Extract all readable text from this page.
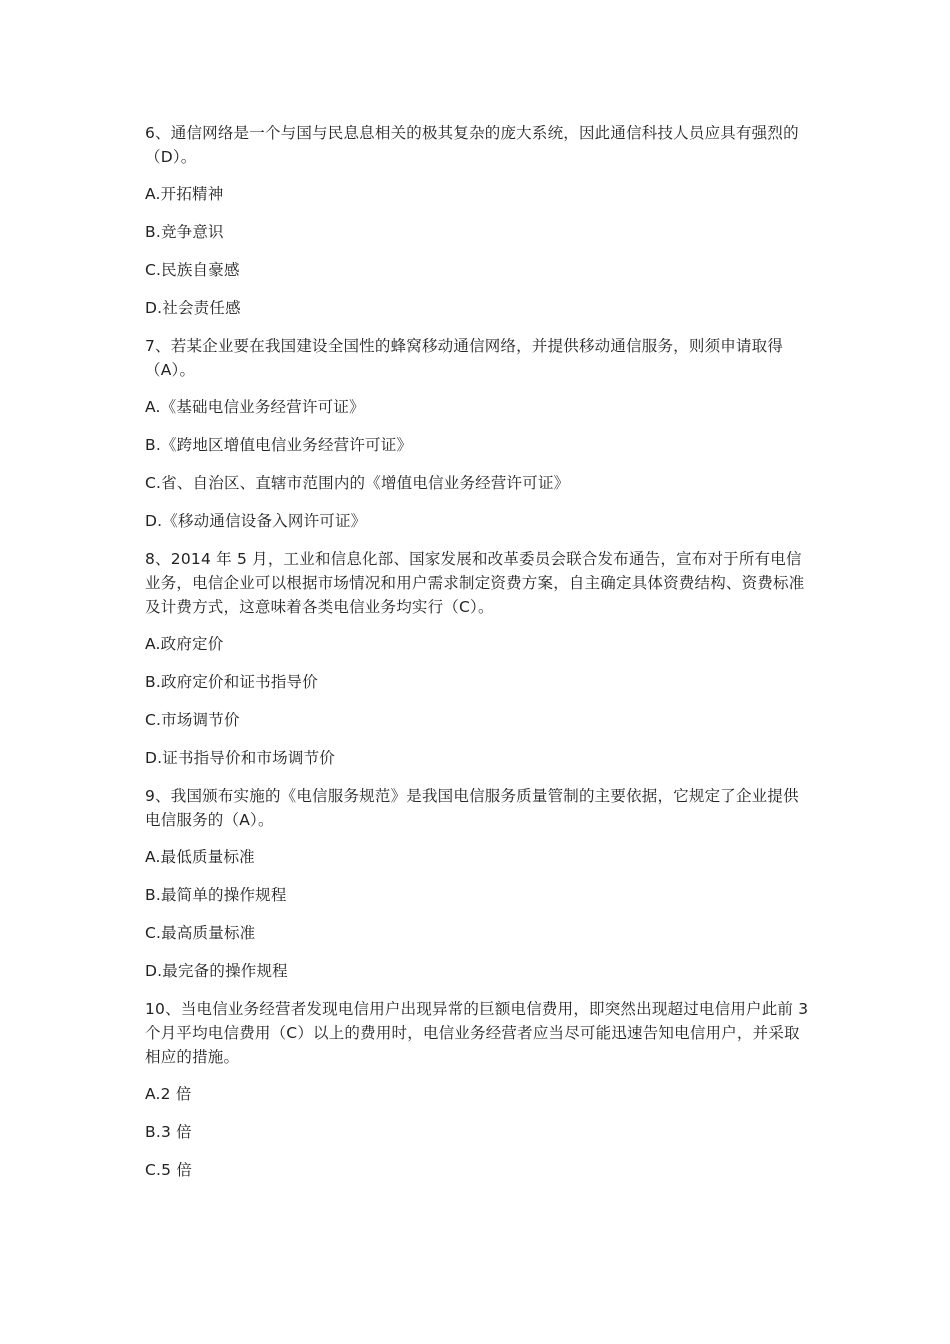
6、通信网络是一个与国与民息息相关的极其复杂的庞大系统，因此通信科技人员应具有强烈的（D）。

A.开拓精神

B.竞争意识

C.民族自豪感

D.社会责任感

7、若某企业要在我国建设全国性的蜂窝移动通信网络，并提供移动通信服务，则须申请取得（A）。

A.《基础电信业务经营许可证》

B.《跨地区增值电信业务经营许可证》

C.省、自治区、直辖市范围内的《增值电信业务经营许可证》

D.《移动通信设备入网许可证》

8、2014 年 5 月，工业和信息化部、国家发展和改革委员会联合发布通告，宣布对于所有电信业务，电信企业可以根据市场情况和用户需求制定资费方案，自主确定具体资费结构、资费标准及计费方式，这意味着各类电信业务均实行（C）。

A.政府定价

B.政府定价和证书指导价

C.市场调节价

D.证书指导价和市场调节价

9、我国颁布实施的《电信服务规范》是我国电信服务质量管制的主要依据，它规定了企业提供电信服务的（A）。

A.最低质量标准

B.最简单的操作规程

C.最高质量标准

D.最完备的操作规程

10、当电信业务经营者发现电信用户出现异常的巨额电信费用，即突然出现超过电信用户此前 3 个月平均电信费用（C）以上的费用时，电信业务经营者应当尽可能迅速告知电信用户，并采取相应的措施。

A.2 倍

B.3 倍

C.5 倍
